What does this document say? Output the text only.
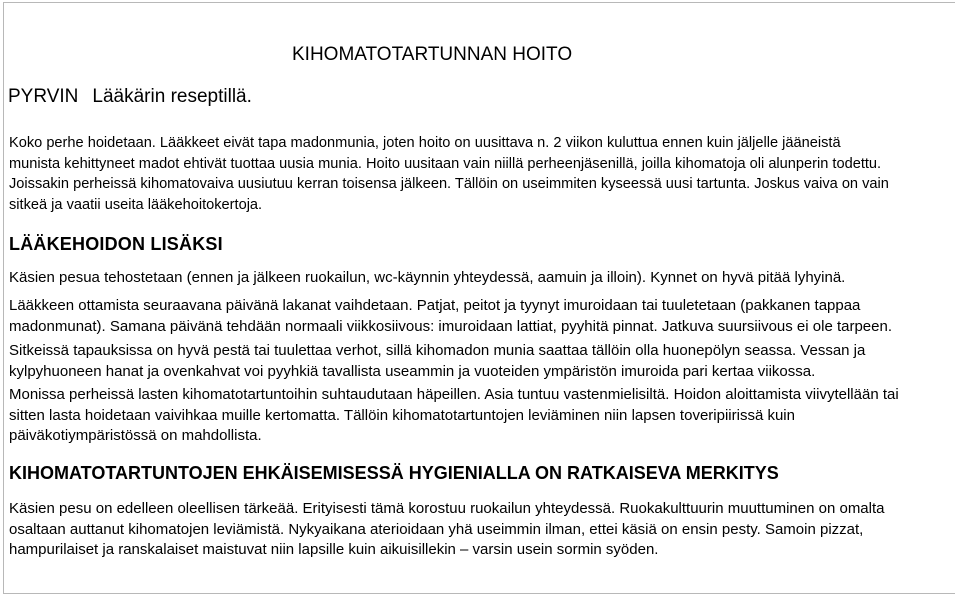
KIHOMATOTARTUNNAN HOITO
PYRVIN Lääkärin reseptillä.

Koko perhe hoidetaan. Lääkkeet eivät tapa madonmunia, joten hoito on uusittava n. 2 viikon kuluttua ennen kuin jäljelle jääneistä
munista kehittyneet madot ehtivät tuottaa uusia munia. Hoito uusitaan vain niillä perheenjäsenillä, joilla kihomatoja oli alunperin todettu.
Joissakin perheissä kihomatovaiva uusiutuu kerran toisensa jälkeen. Tällöin on useimmiten kyseessä uusi tartunta. Joskus vaiva on vain
sitkeä ja vaatii useita lääkehoitokertoja.

LÄÄKEHOIDON LISÄKSI

Käsien pesua tehostetaan (ennen ja jälkeen ruokailun, wc-käynnin yhteydessä, aamuin ja illoin). Kynnet on hyvä pitää lyhyinä.

Lääkkeen ottamista seuraavana päivänä lakanat vaihdetaan. Patjat, peitot ja tyynyt imuroidaan tai tuuletetaan (pakkanen tappaa
madonmunat). Samana päivänä tehdään normaali viikkosiivous: imuroidaan lattiat, pyyhitä pinnat. Jatkuva suursiivous ei ole tarpeen.

Sitkeissä tapauksissa on hyvä pestä tai tuulettaa verhot, sillä kihomadon munia saattaa tällöin olla huonepölyn seassa. Vessan ja
kylpyhuoneen hanat ja ovenkahvat voi pyyhkiä tavallista useammin ja vuoteiden ympäristön imuroida pari kertaa viikossa.

Monissa perheissä lasten kihomatotartuntoihin suhtaudutaan häpeillen. Asia tuntuu vastenmielisiltä. Hoidon aloittamista viivytellään tai
sitten lasta hoidetaan vaivihkaa muille kertomatta. Tällöin kihomatotartuntojen leviäminen niin lapsen toveripiirissä kuin
päiväkotiympäristössä on mahdollista.

KIHOMATOTARTUNTOJEN EHKÄISEMISESSÄ HYGIENIALLA ON RATKAISEVA MERKITYS

Käsien pesu on edelleen oleellisen tärkeää. Erityisesti tämä korostuu ruokailun yhteydessä. Ruokakulttuurin muuttuminen on omalta
osaltaan auttanut kihomatojen leviämistä. Nykyaikana aterioidaan yhä useimmin ilman, ettei käsiä on ensin pesty. Samoin pizzat,
hampurilaiset ja ranskalaiset maistuvat niin lapsille kuin aikuisillekin – varsin usein sormin syöden.
